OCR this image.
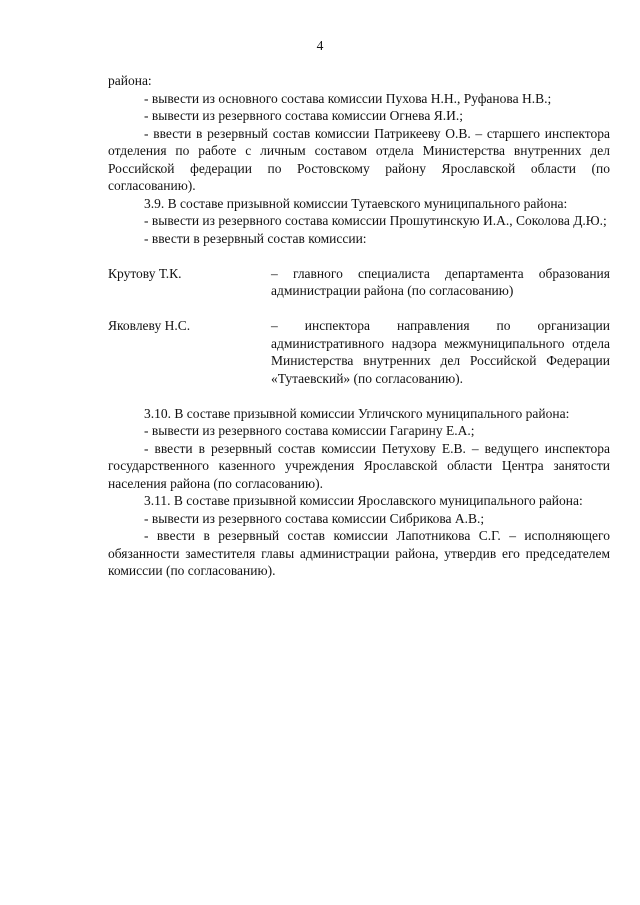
4

района:

- вывести из основного состава комиссии Пухова Н.Н., Руфанова Н.В.;

- вывести из резервного состава комиссии Огнева Я.И.;

- ввести в резервный состав комиссии Патрикееву О.В. – старшего инспектора отделения по работе с личным составом отдела Министерства внутренних дел Российской федерации по Ростовскому району Ярославской области (по согласованию).

3.9. В составе призывной комиссии Тутаевского муниципального района:

- вывести из резервного состава комиссии Прошутинскую И.А., Соколова Д.Ю.;

- ввести в резервный состав комиссии:

Крутову Т.К.	– главного специалиста департамента образования администрации района (по согласованию)
Яковлеву Н.С.	– инспектора направления по организации административного надзора межмуниципального отдела Министерства внутренних дел Российской Федерации «Тутаевский» (по согласованию).

3.10. В составе призывной комиссии Угличского муниципального района:

- вывести из резервного состава комиссии Гагарину Е.А.;

- ввести в резервный состав комиссии Петухову Е.В. – ведущего инспектора государственного казенного учреждения Ярославской области Центра занятости населения района (по согласованию).

3.11. В составе призывной комиссии Ярославского муниципального района:

- вывести из резервного состава комиссии Сибрикова А.В.;

- ввести в резервный состав комиссии Лапотникова С.Г. – исполняющего обязанности заместителя главы администрации района, утвердив его председателем комиссии (по согласованию).
